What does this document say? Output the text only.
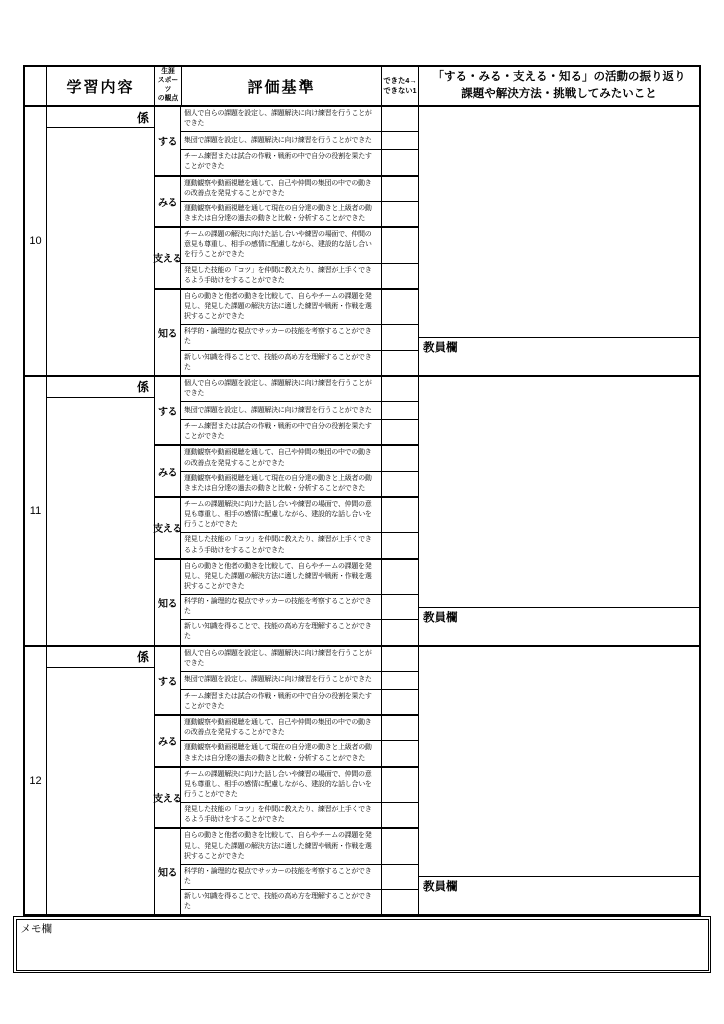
学習内容
生涯
スポーツ
の観点
評価基準	できた4→
できない1
「する・みる・支える・知る」の活動の振り返り
課題や解決方法・挑戦してみたいこと
10
係
する
個人で自らの課題を設定し、課題解決に向け練習を行うことができた
集団で課題を設定し、課題解決に向け練習を行うことができた
チーム練習または試合の作戦・戦術の中で自分の役割を果たすことができた
みる
運動観察や動画視聴を通して、自己や仲間の集団の中での動きの改善点を発見することができた
運動観察や動画視聴を通して現在の自分達の動きと上級者の動きまたは自分達の過去の動きと比較・分析することができた
支える
チームの課題の解決に向けた話し合いや練習の場面で、仲間の意見も尊重し、相手の感情に配慮しながら、建設的な話し合いを行うことができた
発見した技能の「コツ」を仲間に教えたり、練習が上手くできるよう手助けをすることができた
知る
自らの動きと他者の動きを比較して、自らやチームの課題を発見し、発見した課題の解決方法に適した練習や戦術・作戦を選択することができた
科学的・論理的な視点でサッカーの技能を考察することができた
新しい知識を得ることで、技能の高め方を理解することができた
教員欄
11
係
する
個人で自らの課題を設定し、課題解決に向け練習を行うことができた
集団で課題を設定し、課題解決に向け練習を行うことができた
チーム練習または試合の作戦・戦術の中で自分の役割を果たすことができた
みる
運動観察や動画視聴を通して、自己や仲間の集団の中での動きの改善点を発見することができた
運動観察や動画視聴を通して現在の自分達の動きと上級者の動きまたは自分達の過去の動きと比較・分析することができた
支える
チームの課題解決に向けた話し合いや練習の場面で、仲間の意見も尊重し、相手の感情に配慮しながら、建設的な話し合いを行うことができた
発見した技能の「コツ」を仲間に教えたり、練習が上手くできるよう手助けをすることができた
知る
自らの動きと他者の動きを比較して、自らやチームの課題を発見し、発見した課題の解決方法に適した練習や戦術・作戦を選択することができた
科学的・論理的な視点でサッカーの技能を考察することができた
新しい知識を得ることで、技能の高め方を理解することができた
教員欄
12
係
する
個人で自らの課題を設定し、課題解決に向け練習を行うことができた
集団で課題を設定し、課題解決に向け練習を行うことができた
チーム練習または試合の作戦・戦術の中で自分の役割を果たすことができた
みる
運動観察や動画視聴を通して、自己や仲間の集団の中での動きの改善点を発見することができた
運動観察や動画視聴を通して現在の自分達の動きと上級者の動きまたは自分達の過去の動きと比較・分析することができた
支える
チームの課題解決に向けた話し合いや練習の場面で、仲間の意見も尊重し、相手の感情に配慮しながら、建設的な話し合いを行うことができた
発見した技能の「コツ」を仲間に教えたり、練習が上手くできるよう手助けをすることができた
知る
自らの動きと他者の動きを比較して、自らやチームの課題を発見し、発見した課題の解決方法に適した練習や戦術・作戦を選択することができた
科学的・論理的な視点でサッカーの技能を考察することができた
新しい知識を得ることで、技能の高め方を理解することができた
教員欄
メモ欄
